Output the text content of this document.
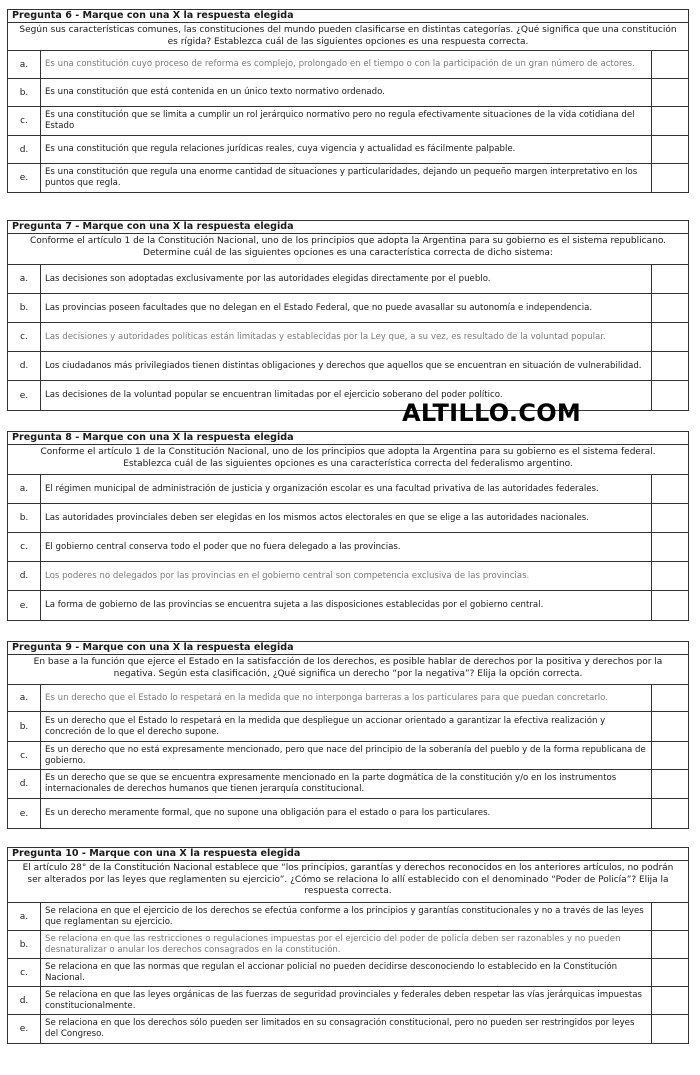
Pregunta 6 - Marque con una X la respuesta elegida
Según sus características comunes, las constituciones del mundo pueden clasificarse en distintas categorías. ¿Qué significa que una constitución es rígida? Establezca cuál de las siguientes opciones es una respuesta correcta.
a.	Es una constitución cuyo proceso de reforma es complejo, prolongado en el tiempo o con la participación de un gran número de actores.
b.	Es una constitución que está contenida en un único texto normativo ordenado.
c.
Es una constitución que se limita a cumplir un rol jerárquico normativo pero no regula efectivamente situaciones de la vida cotidiana del Estado
d.	Es una constitución que regula relaciones jurídicas reales, cuya vigencia y actualidad es fácilmente palpable.
e.
Es una constitución que regula una enorme cantidad de situaciones y particularidades, dejando un pequeño margen interpretativo en los puntos que regla.
Pregunta 7 - Marque con una X la respuesta elegida
Conforme el artículo 1 de la Constitución Nacional, uno de los principios que adopta la Argentina para su gobierno es el sistema republicano. Determine cuál de las siguientes opciones es una característica correcta de dicho sistema:
a.	Las decisiones son adoptadas exclusivamente por las autoridades elegidas directamente por el pueblo.
b.	Las provincias poseen facultades que no delegan en el Estado Federal, que no puede avasallar su autonomía e independencia.
c.	Las decisiones y autoridades políticas están limitadas y establecidas por la Ley que, a su vez, es resultado de la voluntad popular.
d.	Los ciudadanos más privilegiados tienen distintas obligaciones y derechos que aquellos que se encuentran en situación de vulnerabilidad.
e.	Las decisiones de la voluntad popular se encuentran limitadas por el ejercicio soberano del poder político.
ALTILLO.COM
Pregunta 8 - Marque con una X la respuesta elegida
Conforme el artículo 1 de la Constitución Nacional, uno de los principios que adopta la Argentina para su gobierno es el sistema federal. Establezca cuál de las siguientes opciones es una característica correcta del federalismo argentino.
a.	El régimen municipal de administración de justicia y organización escolar es una facultad privativa de las autoridades federales.
b.	Las autoridades provinciales deben ser elegidas en los mismos actos electorales en que se elige a las autoridades nacionales.
c.	El gobierno central conserva todo el poder que no fuera delegado a las provincias.
d.	Los poderes no delegados por las provincias en el gobierno central son competencia exclusiva de las provincias.
e.	La forma de gobierno de las provincias se encuentra sujeta a las disposiciones establecidas por el gobierno central.
Pregunta 9 - Marque con una X la respuesta elegida
En base a la función que ejerce el Estado en la satisfacción de los derechos, es posible hablar de derechos por la positiva y derechos por la negativa. Según esta clasificación, ¿Qué significa un derecho “por la negativa”? Elija la opción correcta.
a.	Es un derecho que el Estado lo respetará en la medida que no interponga barreras a los particulares para que puedan concretarlo.
b.
Es un derecho que el Estado lo respetará en la medida que despliegue un accionar orientado a garantizar la efectiva realización y concreción de lo que el derecho supone.
c.
Es un derecho que no está expresamente mencionado, pero que nace del principio de la soberanía del pueblo y de la forma republicana de gobierno.
d.
Es un derecho que se que se encuentra expresamente mencionado en la parte dogmática de la constitución y/o en los instrumentos internacionales de derechos humanos que tienen jerarquía constitucional.
e.	Es un derecho meramente formal, que no supone una obligación para el estado o para los particulares.
Pregunta 10 - Marque con una X la respuesta elegida
El artículo 28° de la Constitución Nacional establece que “los principios, garantías y derechos reconocidos en los anteriores artículos, no podrán ser alterados por las leyes que reglamenten su ejercicio”. ¿Cómo se relaciona lo allí establecido con el denominado “Poder de Policía”? Elija la respuesta correcta.
a.
Se relaciona en que el ejercicio de los derechos se efectúa conforme a los principios y garantías constitucionales y no a través de las leyes que reglamentan su ejercicio.
b.
Se relaciona en que las restricciones o regulaciones impuestas por el ejercicio del poder de policía deben ser razonables y no pueden desnaturalizar o anular los derechos consagrados en la constitución.
c.
Se relaciona en que las normas que regulan el accionar policial no pueden decidirse desconociendo lo establecido en la Constitución Nacional.
d.
Se relaciona en que las leyes orgánicas de las fuerzas de seguridad provinciales y federales deben respetar las vías jerárquicas impuestas constitucionalmente.
e.
Se relaciona en que los derechos sólo pueden ser limitados en su consagración constitucional, pero no pueden ser restringidos por leyes del Congreso.
